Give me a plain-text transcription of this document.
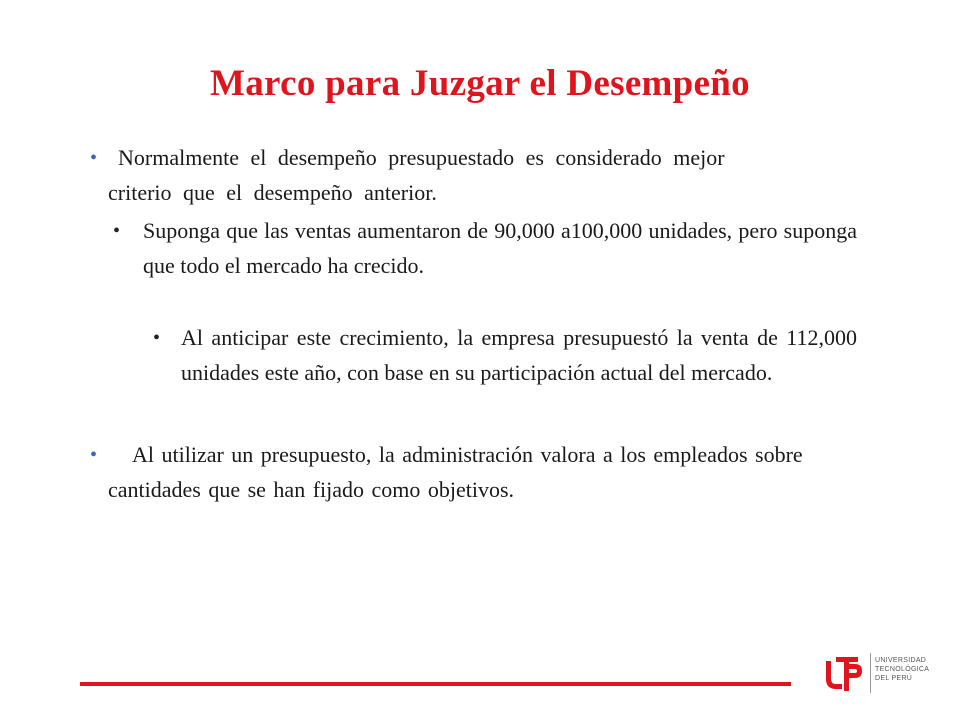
Marco para Juzgar el Desempeño
• Normalmente el desempeño presupuestado es considerado mejor criterio que el desempeño anterior.
• Suponga que las ventas aumentaron de 90,000 a100,000 unidades, pero suponga que todo el mercado ha crecido.
• Al anticipar este crecimiento, la empresa presupuestó la venta de 112,000 unidades este año, con base en su participación actual del mercado.
•	Al utilizar un presupuesto, la administración valora a los empleados sobre cantidades que se han fijado como objetivos.
UNIVERSIDAD
TECNOLÓGICA
DEL PERÚ
